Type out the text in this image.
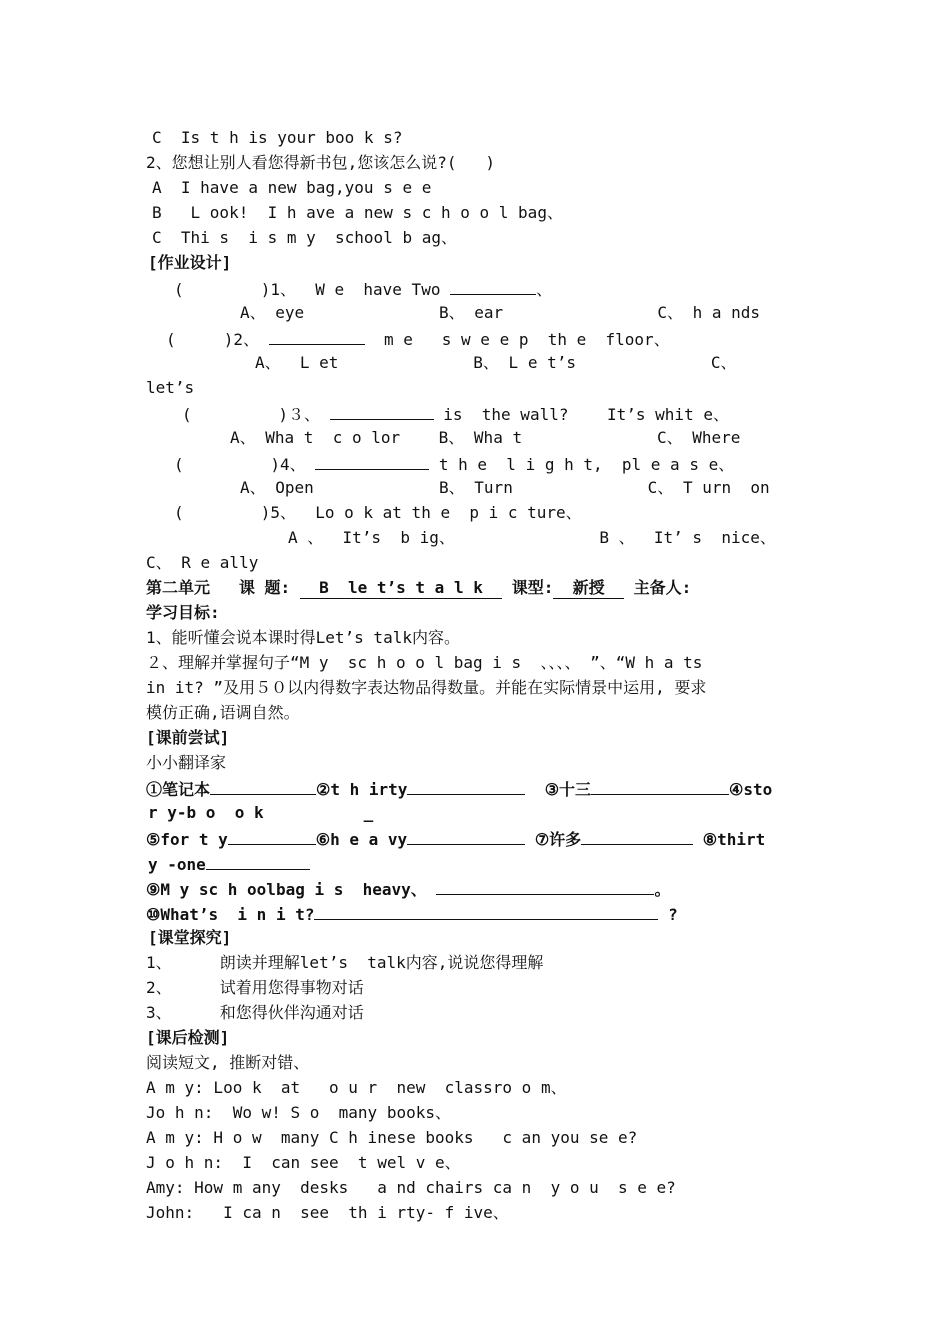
C  Is t h is your boo k s?
2、您想让别人看您得新书包,您该怎么说?(   )
A  I have a new bag,you s e e
B   L ook!  I h ave a new s c h o o l bag、
C  Thi s  i s m y  school b ag、
[作业设计]
(        )1、  W e  have Two	、
A、 eye              B、 ear                C、 h a nds
(     )2、	m e   s w e e p  th e  floor、
A、  L et              B、 L e t’s              C、
let’s
(         )３、	is  the wall?    It’s whit e、
A、 Wha t  c o lor    B、 Wha t              C、 Where
(         )4、	t h e  l i g h t,  pl e a s e、
A、 Open             B、 Turn              C、 T urn  on
(        )5、  Lo o k at th e  p i c ture、
A 、  It’s  b ig、               B 、  It’ s  nice、
C、 R e ally
第二单元   课 题:   B  le t’s t a l k   课型:  新授   主备人:
学习目标:
1、能听懂会说本课时得Let’s talk内容。
２、理解并掌握句子“M y  sc h o o l bag i s  、、、、 ”、“W h a ts
in it? ”及用５０以内得数字表达物品得数量。并能在实际情景中运用, 要求
模仿正确,语调自然。
[课前尝试]
小小翻译家
①笔记本	②t h irty	③十三	④sto
r y-b o  o k	_
⑤for t y	⑥h e a vy	⑦许多	⑧thirt
y -one
⑨M y sc h oolbag i s  heavy、	。
⑩What’s  i n i t?	?
[课堂探究]
1、     朗读并理解let’s  talk内容,说说您得理解
2、     试着用您得事物对话
3、     和您得伙伴沟通对话
[课后检测]
阅读短文, 推断对错、
A m y: Loo k  at   o u r  new  classro o m、
Jo h n:  Wo w! S o  many books、
A m y: H o w  many C h inese books   c an you se e?
J o h n:  I  can see  t wel v e、
Amy: How m any  desks   a nd chairs ca n  y o u  s e e?
John:   I ca n  see  th i rty- f ive、
